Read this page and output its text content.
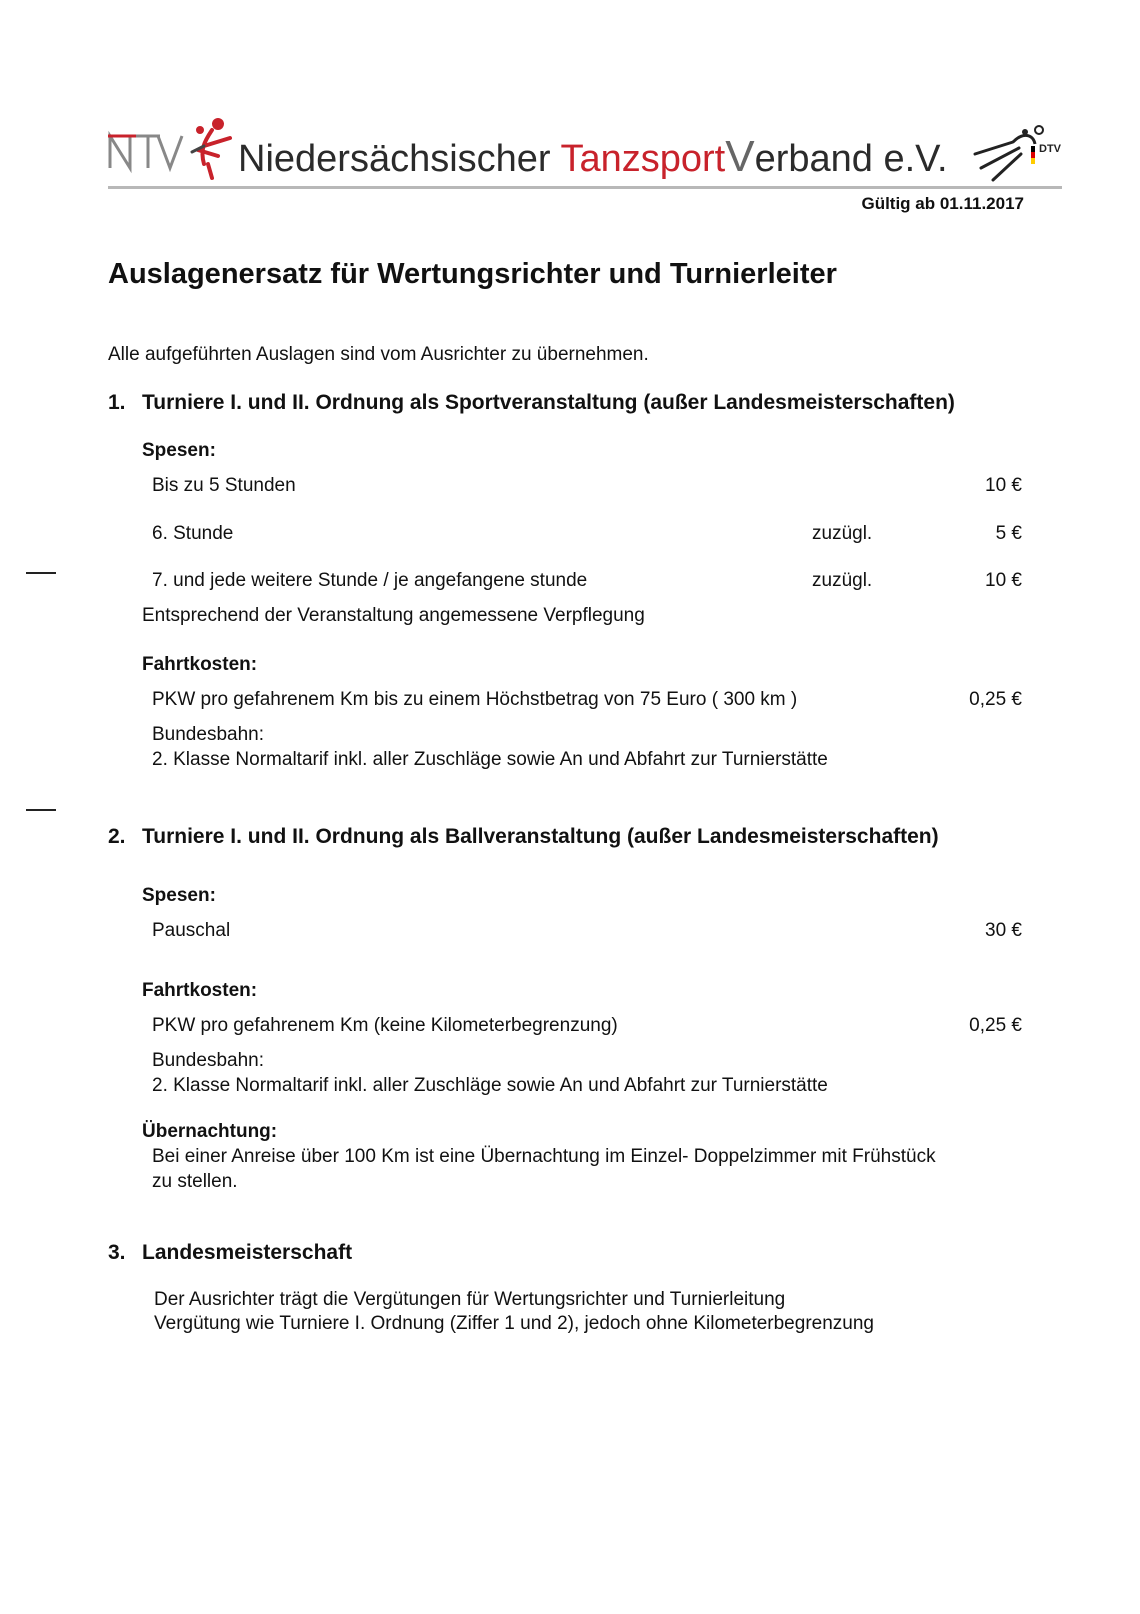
Niedersächsischer TanzsportVerband e.V.	DTV
Gültig ab 01.11.2017
Auslagenersatz für Wertungsrichter und Turnierleiter
Alle aufgeführten Auslagen sind vom Ausrichter zu übernehmen.
1. Turniere I. und II. Ordnung als Sportveranstaltung (außer Landesmeisterschaften)
Spesen:
Bis zu 5 Stunden	10 €
6. Stunde	zuzügl.	5 €
7. und jede weitere Stunde / je angefangene stunde	zuzügl.	10 €
Entsprechend der Veranstaltung angemessene Verpflegung
Fahrtkosten:
PKW pro gefahrenem Km bis zu einem Höchstbetrag von 75 Euro ( 300 km )	0,25 €
Bundesbahn:
2. Klasse Normaltarif inkl. aller Zuschläge sowie An und Abfahrt zur Turnierstätte
2. Turniere I. und II. Ordnung als Ballveranstaltung (außer Landesmeisterschaften)
Spesen:
Pauschal	30 €
Fahrtkosten:
PKW pro gefahrenem Km (keine Kilometerbegrenzung)	0,25 €
Bundesbahn:
2. Klasse Normaltarif inkl. aller Zuschläge sowie An und Abfahrt zur Turnierstätte
Übernachtung:
Bei einer Anreise über 100 Km ist eine Übernachtung im Einzel- Doppelzimmer mit Frühstück
zu stellen.
3. Landesmeisterschaft
Der Ausrichter trägt die Vergütungen für Wertungsrichter und Turnierleitung
Vergütung wie Turniere I. Ordnung (Ziffer 1 und 2), jedoch ohne Kilometerbegrenzung
